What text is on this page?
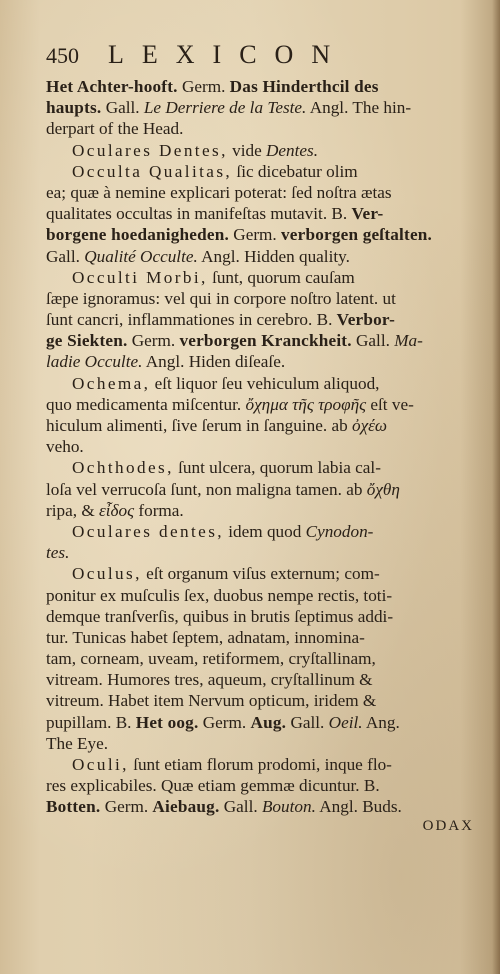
450	LEXICON
Het Achter-hooft. Germ. Das Hinderthcil des
haupts. Gall. Le Derriere de la Teste. Angl. The hin-
derpart of the Head.
Oculares Dentes, vide Dentes.
Occulta Qualitas, ſic dicebatur olim
ea; quæ à nemine explicari poterat: ſed noſtra ætas
qualitates occultas in manifeſtas mutavit. B. Ver-
borgene hoedanigheden. Germ. verborgen geſtalten.
Gall. Qualité Occulte. Angl. Hidden quality.
Occulti Morbi, ſunt, quorum cauſam
ſæpe ignoramus: vel qui in corpore noſtro latent. ut
ſunt cancri, inflammationes in cerebro. B. Verbor-
ge Siekten. Germ. verborgen Kranckheit. Gall. Ma-
ladie Occulte. Angl. Hiden diſeaſe.
Ochema, eſt liquor ſeu vehiculum aliquod,
quo medicamenta miſcentur. ὄχημα τῆς τροφῆς eſt ve-
hiculum alimenti, ſive ſerum in ſanguine. ab ὀχέω
veho.
Ochthodes, ſunt ulcera, quorum labia cal-
loſa vel verrucoſa ſunt, non maligna tamen. ab ὄχθη
ripa, & εἶδος forma.
Oculares dentes, idem quod Cynodon-
tes.
Oculus, eſt organum viſus externum; com-
ponitur ex muſculis ſex, duobus nempe rectis, toti-
demque tranſverſis, quibus in brutis ſeptimus addi-
tur. Tunicas habet ſeptem, adnatam, innomina-
tam, corneam, uveam, retiformem, cryſtallinam,
vitream. Humores tres, aqueum, cryſtallinum &
vitreum. Habet item Nervum opticum, iridem &
pupillam. B. Het oog. Germ. Aug. Gall. Oeil. Ang.
The Eye.
Oculi, ſunt etiam florum prodomi, inque flo-
res explicabiles. Quæ etiam gemmæ dicuntur. B.
Botten. Germ. Aiebaug. Gall. Bouton. Angl. Buds.
ODAX
